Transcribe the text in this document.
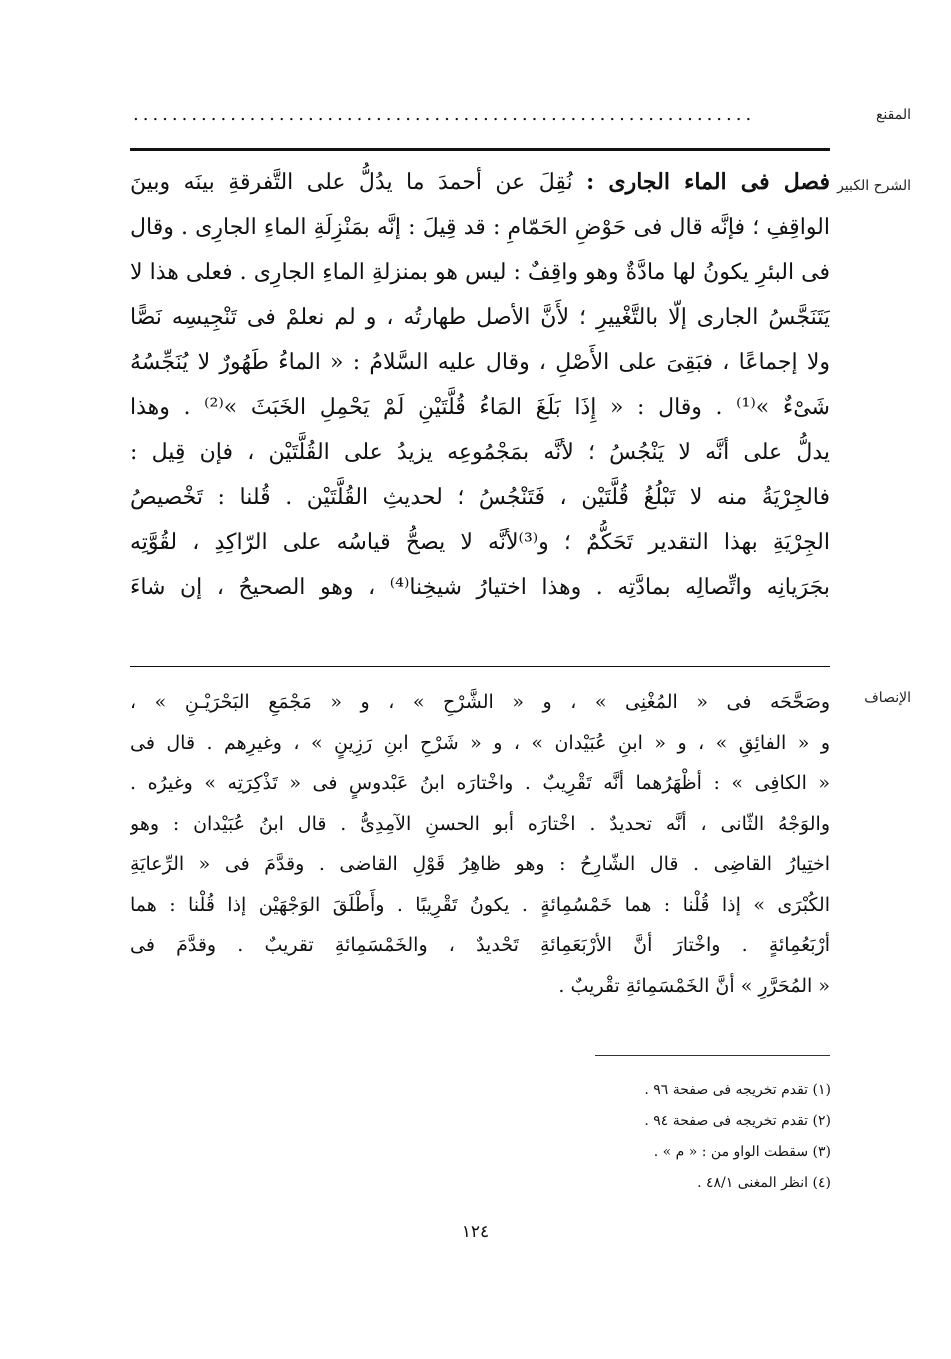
المقنع
................................................................
الشرح الكبير
فصل فى الماء الجارى : نُقِلَ عن أحمدَ ما يدُلُّ على التَّفرقةِ بينَه وبينَ
الواقِفِ ؛ فإنَّه قال فى حَوْضِ الحَمّامِ : قد قِيلَ : إنَّه بمَنْزِلَةِ الماءِ الجارِى . وقال
فى البئرِ يكونُ لها مادَّةٌ وهو واقِفٌ : ليس هو بمنزلةِ الماءِ الجارِى . فعلى هذا لا
يَتَنَجَّسُ الجارى إلّا بالتَّغْييرِ ؛ لأَنَّ الأصل طهارتُه ، و لم نعلمْ فى تَنْجِيسِه نَصًّا
ولا إجماعًا ، فبَقِىَ على الأَصْلِ ، وقال عليه السَّلامُ : « الماءُ طَهُورٌ لا يُنَجِّسُهُ
شَىْءٌ »⁽¹⁾ . وقال : « إِذَا بَلَغَ المَاءُ قُلَّتَيْنِ لَمْ يَحْمِلِ الخَبَثَ »⁽²⁾ . وهذا
يدلُّ على أنَّه لا يَنْجُسُ ؛ لأنَّه بمَجْمُوعِه يزيدُ على القُلَّتَيْن ، فإن قِيل :
فالجِرْيَةُ منه لا تَبْلُغُ قُلَّتَيْن ، فَتَنْجُسُ ؛ لحديثِ القُلَّتَيْن . قُلنا : تَخْصيصُ
الجِرْيَةِ بهذا التقدير تَحَكُّمٌ ؛ و⁽³⁾لأنَّه لا يصحُّ قياسُه على الرّاكِدِ ، لقُوَّتِه
بجَرَيانِه واتِّصالِه بمادَّتِه . وهذا اختيارُ شيخِنا⁽⁴⁾ ، وهو الصحيحُ ، إن شاءَ
الإنصاف
وصَحَّحَه فى « المُغْنِى » ، و « الشَّرْحِ » ، و « مَجْمَعِ البَحْرَيْـنِ » ،
و « الفائِقِ » ، و « ابنِ عُبَيْدان » ، و « شَرْحِ ابنِ رَزِينٍ » ، وغيرِهم . قال فى
« الكافِى » : أظْهَرُهما أنَّه تَقْرِيبٌ . واخْتارَه ابنُ عَبْدوسٍ فى « تَذْكِرَتِه » وغيرُه .
والوَجْهُ الثّانى ، أنَّه تحديدٌ . اخْتارَه أبو الحسنِ الآمِدِىُّ . قال ابنُ عُبَيْدان : وهو
اختِيارُ القاضِى . قال الشّارِحُ : وهو ظاهِرُ قَوْلِ القاضى . وقدَّمَ فى « الرِّعايَةِ
الكُبْرَى » إذا قُلْنا : هما خَمْسُمِائةٍ . يكونُ تَقْرِيبًا . وأَطْلَقَ الوَجْهَيْن إذا قُلْنا : هما
أرْبَعُمِائةٍ . واخْتارَ أنَّ الأرْبَعَمِائةِ تَحْديدٌ ، والخَمْسَمِائةِ تقريبٌ . وقدَّمَ فى
« المُحَرَّرِ » أنَّ الخَمْسَمِائةِ تقْريبٌ .
(١) تقدم تخريجه فى صفحة ٩٦ .
(٢) تقدم تخريجه فى صفحة ٩٤ .
(٣) سقطت الواو من : « م » .
(٤) انظر المغنى ٤٨/١ .
١٢٤
